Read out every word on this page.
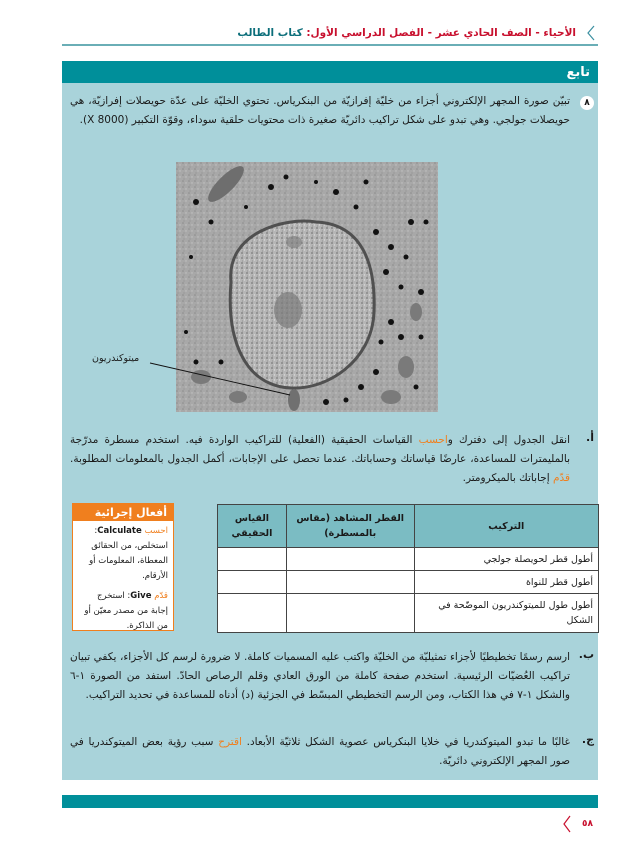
الأحياء - الصف الحادي عشر - الفصل الدراسي الأول: كتاب الطالب
تابع
٨
تبيّن صورة المجهر الإلكتروني أجزاء من خليّة إفرازيّة من البنكرياس. تحتوي الخليّة على عدّة حويصلات إفرازيّة، هي حويصلات جولجي. وهي تبدو على شكل تراكيب دائريّة صغيرة ذات محتويات حلقية سوداء، وقوّة التكبير (8000 X).
ميتوكندريون
أ.
انقل الجدول إلى دفترك واحسب القياسات الحقيقية (الفعلية) للتراكيب الواردة فيه. استخدم مسطرة مدرّجة بالمليمترات للمساعدة، عارضًا قياساتك وحساباتك. عندما تحصل على الإجابات، أكمل الجدول بالمعلومات المطلوبة. قدّم إجاباتك بالميكرومتر.
أفعال إجرائية

احسب Calculate: استخلص، من الحقائق المعطاة، المعلومات أو الأرقام.

قدّم Give: استخرج إجابة من مصدر معيّن أو من الذاكرة.

التركيب	القطر المشاهد (مقاس بالمسطرة)	القياس الحقيقي
أطول قطر لحويصلة جولجي		
أطول قطر للنواة		
أطول طول للميتوكندريون الموضّحة في الشكل		
ب.
ارسم رسمًا تخطيطيًا لأجزاء تمثيليّة من الخليّة واكتب عليه المسميات كاملة. لا ضرورة لرسم كل الأجزاء، يكفي تبيان تراكيب العُضيّات الرئيسية. استخدم صفحة كاملة من الورق العادي وقلم الرصاص الحادّ. استفد من الصورة ١-٦ والشكل ١-٧ في هذا الكتاب، ومن الرسم التخطيطي المبسّط في الجزئية (د) أدناه للمساعدة في تحديد التراكيب.
ج.
غالبًا ما تبدو الميتوكندريا في خلايا البنكرياس عصوية الشكل ثلاثيّة الأبعاد. اقترح سبب رؤية بعض الميتوكندريا في صور المجهر الإلكتروني دائريّة.
٥٨
